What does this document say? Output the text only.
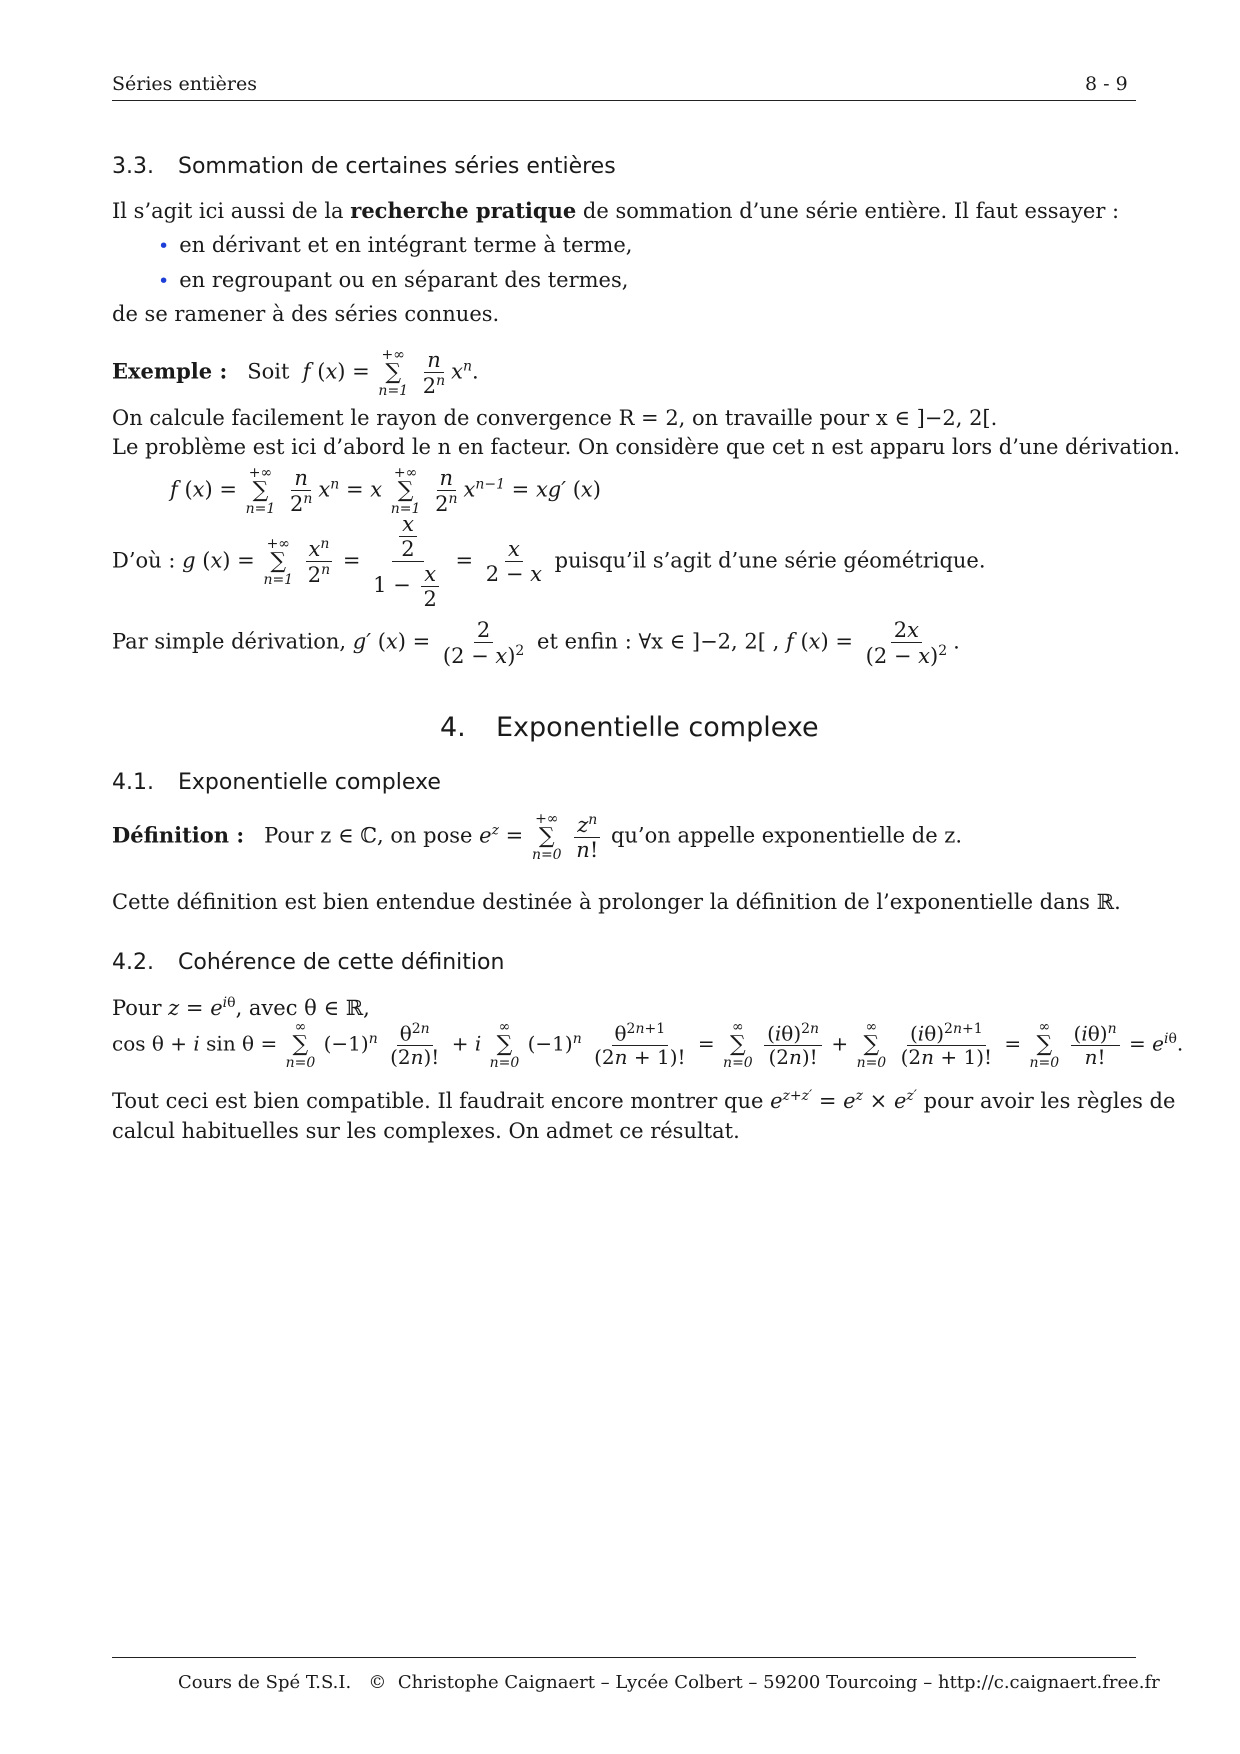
Séries entières	8 - 9
3.3. Sommation de certaines séries entières
Il s’agit ici aussi de la recherche pratique de sommation d’une série entière. Il faut essayer :
• en dérivant et en intégrant terme à terme,
• en regroupant ou en séparant des termes,
de se ramener à des séries connues.
Exemple : Soit f (x) =
+∞
∑
n=1
$\frac{n}{2^n} x^n$.
On calcule facilement le rayon de convergence R = 2, on travaille pour x ∈ ]−2, 2[.
Le problème est ici d’abord le n en facteur. On considère que cet n est apparu lors d’une dérivation.
f (x) =
+∞
∑
n=1
$\frac{n}{2^n} x^n = x$
+∞
∑
n=1
$\frac{n}{2^n} x^{n-1} = xg'$ (x)
D’où : g (x) =
+∞
∑
n=1
$\frac{x^n}{2^n} = \frac{\frac{x}{2}}{1 - \frac{x}{2}} = \frac{x}{2 - x}$ puisqu’il s’agit d’une série géométrique.
Par simple dérivation, g′ $(x) = \frac{2}{(2 - x)^2}$ et enfin : ∀x ∈ ]−2, 2[ , f $(x) = \frac{2x}{(2 - x)^2}$ .
4. Exponentielle complexe
4.1. Exponentielle complexe
Définition : Pour z ∈ ℂ, on pose $e^z$ =
+∞
∑
n=0
$\frac{z^n}{n!}$ qu’on appelle exponentielle de z.
Cette définition est bien entendue destinée à prolonger la définition de l’exponentielle dans ℝ.
4.2. Cohérence de cette définition
Pour $z = e^{i\theta}$, avec θ ∈ ℝ,
cos θ + i sin θ =
∞
∑
n=0
$(-1)^n \frac{\theta^{2n}}{(2n)!} + i$
∞
∑
n=0
$(-1)^n \frac{\theta^{2n+1}}{(2n + 1)!}$ =
∞
∑
n=0
$\frac{(i\theta)^{2n}}{(2n)!}$ +
∞
∑
n=0
$\frac{(i\theta)^{2n+1}}{(2n + 1)!}$ =
∞
∑
n=0
$\frac{(i\theta)^n}{n!} = e^{i\theta}$.
Tout ceci est bien compatible. Il faudrait encore montrer que $e^{z+z'} = e^z \times e^{z'}$ pour avoir les règles de
calcul habituelles sur les complexes. On admet ce résultat.
Cours de Spé T.S.I.   ©  Christophe Caignaert – Lycée Colbert – 59200 Tourcoing – http://c.caignaert.free.fr
